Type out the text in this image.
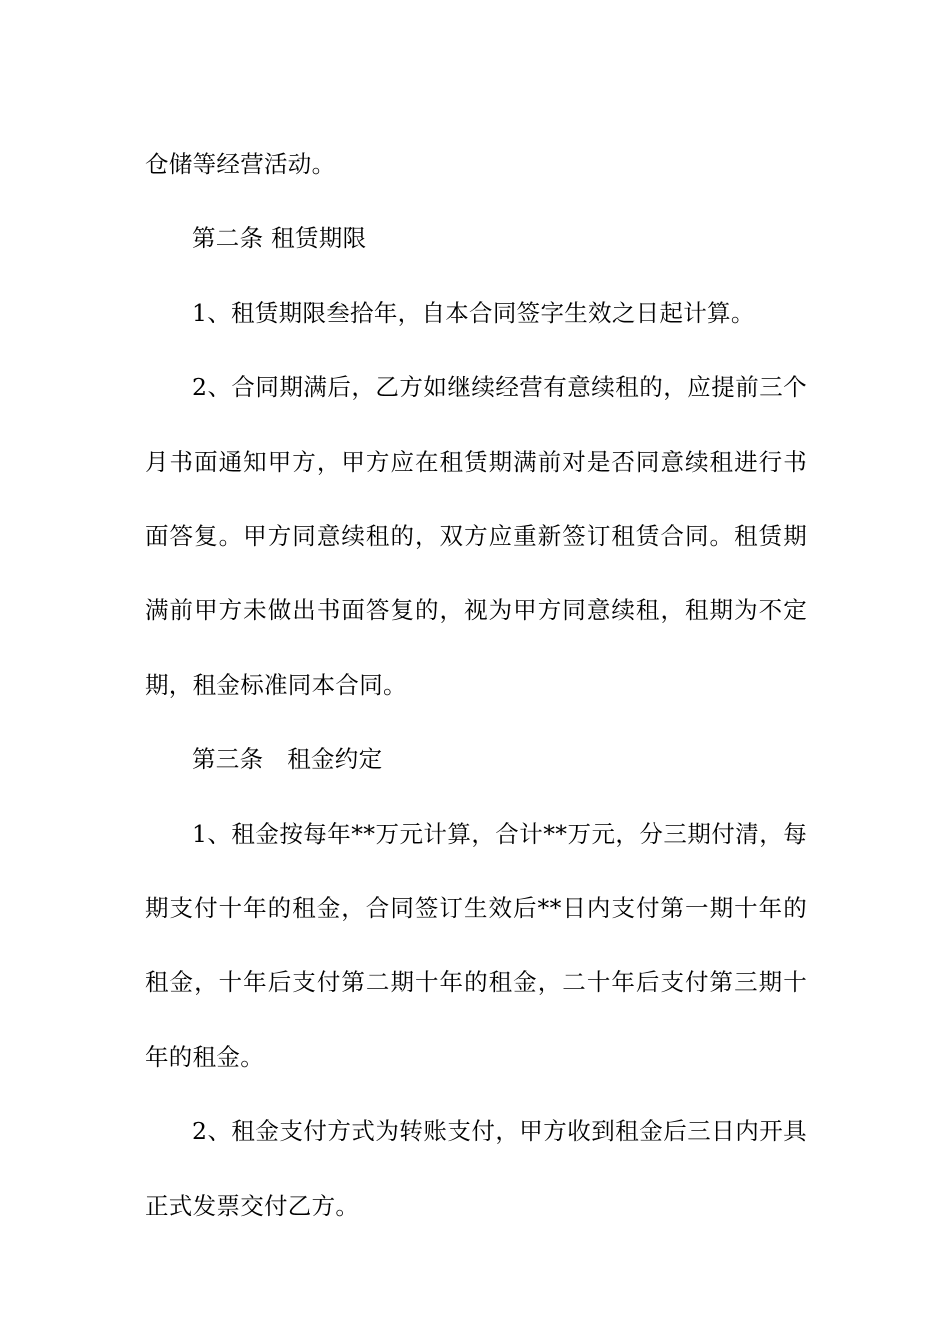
仓储等经营活动。

第二条 租赁期限

1、租赁期限叁拾年，自本合同签字生效之日起计算。

2、合同期满后，乙方如继续经营有意续租的，应提前三个月书面通知甲方，甲方应在租赁期满前对是否同意续租进行书面答复。甲方同意续租的，双方应重新签订租赁合同。租赁期满前甲方未做出书面答复的，视为甲方同意续租，租期为不定期，租金标准同本合同。

第三条　租金约定

1、租金按每年**万元计算，合计**万元，分三期付清，每期支付十年的租金，合同签订生效后**日内支付第一期十年的租金，十年后支付第二期十年的租金，二十年后支付第三期十年的租金。

2、租金支付方式为转账支付，甲方收到租金后三日内开具正式发票交付乙方。
